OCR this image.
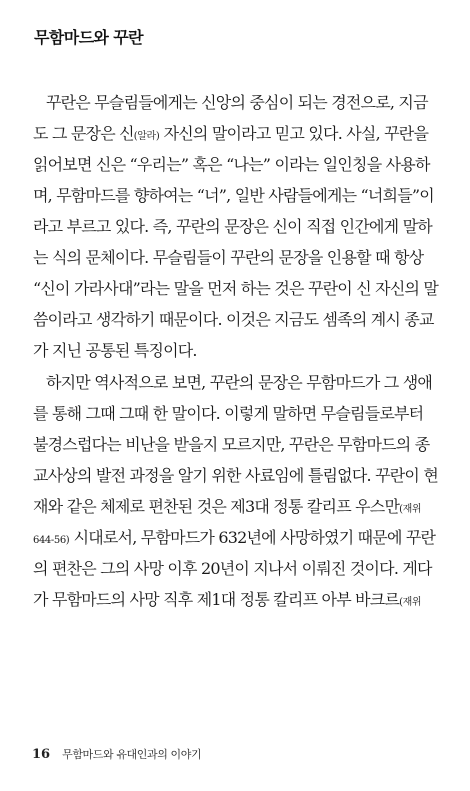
무함마드와 꾸란
꾸란은 무슬림들에게는 신앙의 중심이 되는 경전으로, 지금
도 그 문장은 신(알라) 자신의 말이라고 믿고 있다. 사실, 꾸란을
읽어보면 신은 “우리는” 혹은 “나는” 이라는 일인칭을 사용하
며, 무함마드를 향하여는 “너”, 일반 사람들에게는 “너희들”이
라고 부르고 있다. 즉, 꾸란의 문장은 신이 직접 인간에게 말하
는 식의 문체이다. 무슬림들이 꾸란의 문장을 인용할 때 항상
“신이 가라사대”라는 말을 먼저 하는 것은 꾸란이 신 자신의 말
씀이라고 생각하기 때문이다. 이것은 지금도 셈족의 계시 종교
가 지닌 공통된 특징이다.
하지만 역사적으로 보면, 꾸란의 문장은 무함마드가 그 생애
를 통해 그때 그때 한 말이다. 이렇게 말하면 무슬림들로부터
불경스럽다는 비난을 받을지 모르지만, 꾸란은 무함마드의 종
교사상의 발전 과정을 알기 위한 사료임에 틀림없다. 꾸란이 현
재와 같은 체제로 편찬된 것은 제3대 정통 칼리프 우스만(재위
644-56) 시대로서, 무함마드가 632년에 사망하였기 때문에 꾸란
의 편찬은 그의 사망 이후 20년이 지나서 이뤄진 것이다. 게다
가 무함마드의 사망 직후 제1대 정통 칼리프 아부 바크르(재위
16 무함마드와 유대인과의 이야기
